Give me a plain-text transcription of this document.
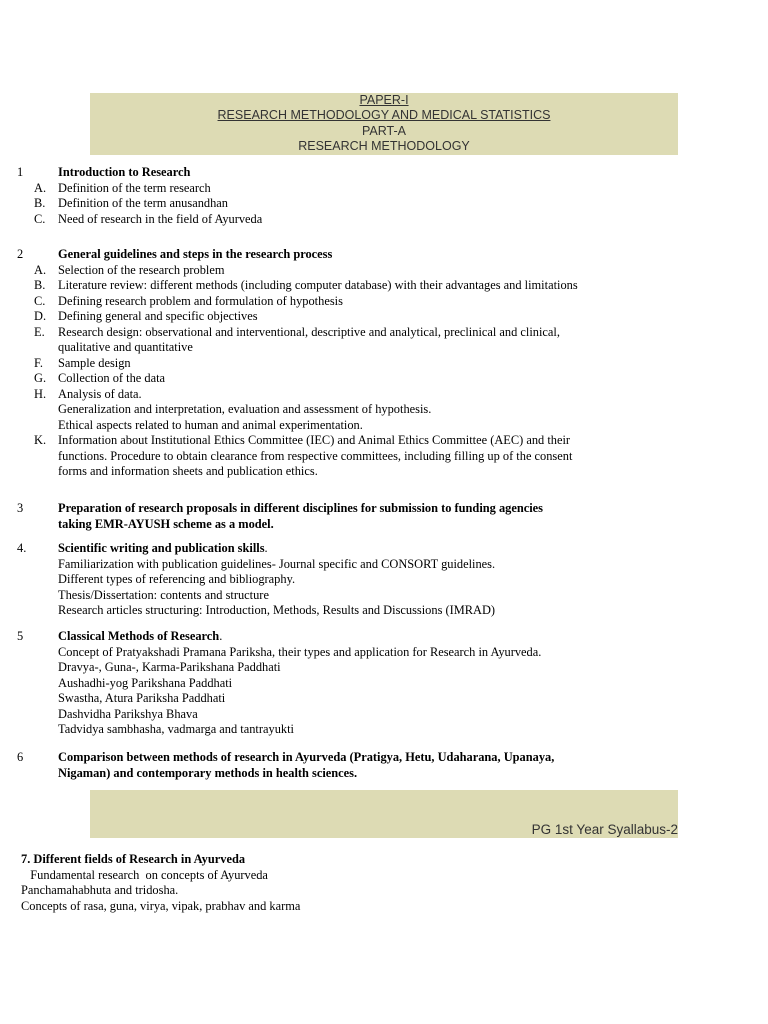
PAPER-I
RESEARCH METHODOLOGY AND MEDICAL STATISTICS
PART-A
RESEARCH METHODOLOGY
1	Introduction to Research
A. Definition of the term research
B. Definition of the term anusandhan
C. Need of research in the field of Ayurveda
2	General guidelines and steps in the research process
A. Selection of the research problem
B. Literature review: different methods (including computer database) with their advantages and limitations
C. Defining research problem and formulation of hypothesis
D. Defining general and specific objectives
E. Research design: observational and interventional, descriptive and analytical, preclinical and clinical,
qualitative and quantitative
F. Sample design
G. Collection of the data
H. Analysis of data.
Generalization and interpretation, evaluation and assessment of hypothesis.
Ethical aspects related to human and animal experimentation.
K. Information about Institutional Ethics Committee (IEC) and Animal Ethics Committee (AEC) and their
functions. Procedure to obtain clearance from respective committees, including filling up of the consent
forms and information sheets and publication ethics.
3	Preparation of research proposals in different disciplines for submission to funding agencies
taking EMR-AYUSH scheme as a model.
4.	Scientific writing and publication skills.
Familiarization with publication guidelines- Journal specific and CONSORT guidelines.
Different types of referencing and bibliography.
Thesis/Dissertation: contents and structure
Research articles structuring: Introduction, Methods, Results and Discussions (IMRAD)
5	Classical Methods of Research.
Concept of Pratyakshadi Pramana Pariksha, their types and application for Research in Ayurveda.
Dravya-, Guna-, Karma-Parikshana Paddhati
Aushadhi-yog Parikshana Paddhati
Swastha, Atura Pariksha Paddhati
Dashvidha Parikshya Bhava
Tadvidya sambhasha, vadmarga and tantrayukti
6	Comparison between methods of research in Ayurveda (Pratigya, Hetu, Udaharana, Upanaya,
Nigaman) and contemporary methods in health sciences.
PG 1st Year Syallabus-2
7. Different fields of Research in Ayurveda
Fundamental research  on concepts of Ayurveda
Panchamahabhuta and tridosha.
Concepts of rasa, guna, virya, vipak, prabhav and karma
